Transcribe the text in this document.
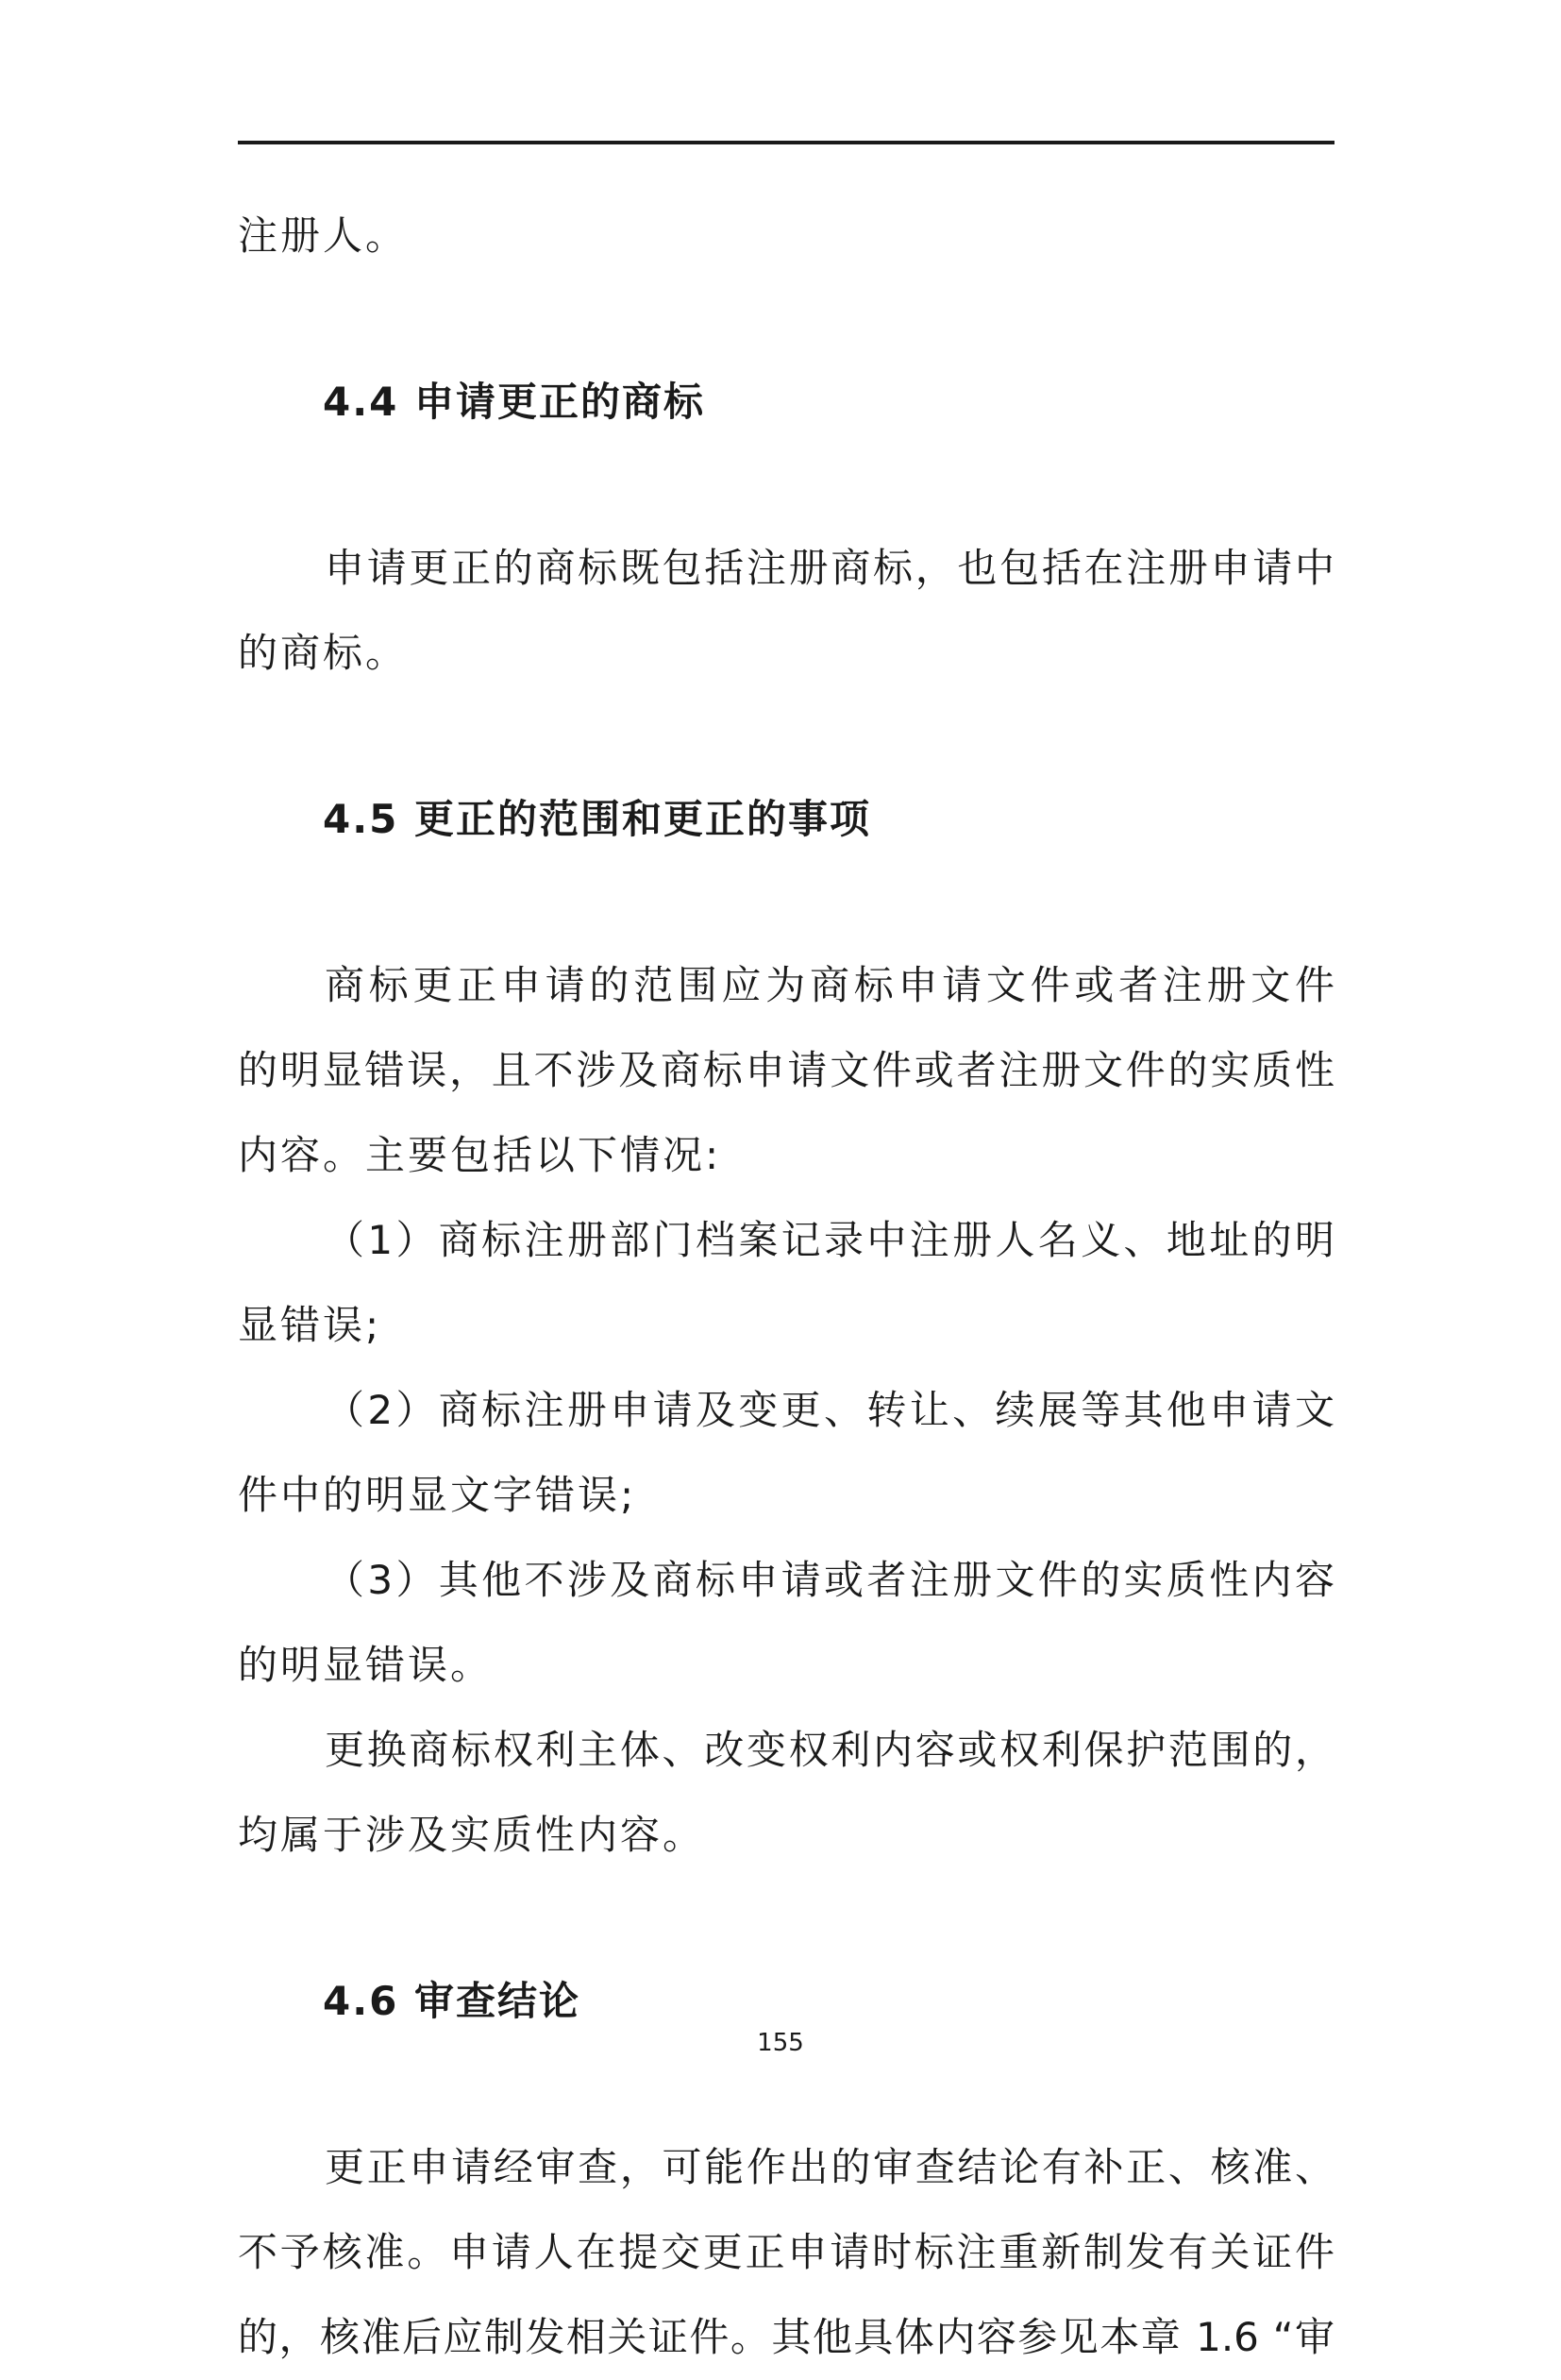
注册人。
4.4 申请更正的商标
申请更正的商标既包括注册商标，也包括在注册申请中
的商标。
4.5 更正的范围和更正的事项
商标更正申请的范围应为商标申请文件或者注册文件
的明显错误，且不涉及商标申请文件或者注册文件的实质性
内容。主要包括以下情况:
（1）商标注册部门档案记录中注册人名义、地址的明
显错误;
（2）商标注册申请及变更、转让、续展等其他申请文
件中的明显文字错误;
（3）其他不涉及商标申请或者注册文件的实质性内容
的明显错误。
更换商标权利主体、改变权利内容或权利保护范围的，
均属于涉及实质性内容。
4.6 审查结论
更正申请经审查，可能作出的审查结论有补正、核准、
不予核准。申请人在提交更正申请时标注重新制发有关证件
的，核准后应制发相关证件。其他具体内容参见本章 1.6 “审
155
